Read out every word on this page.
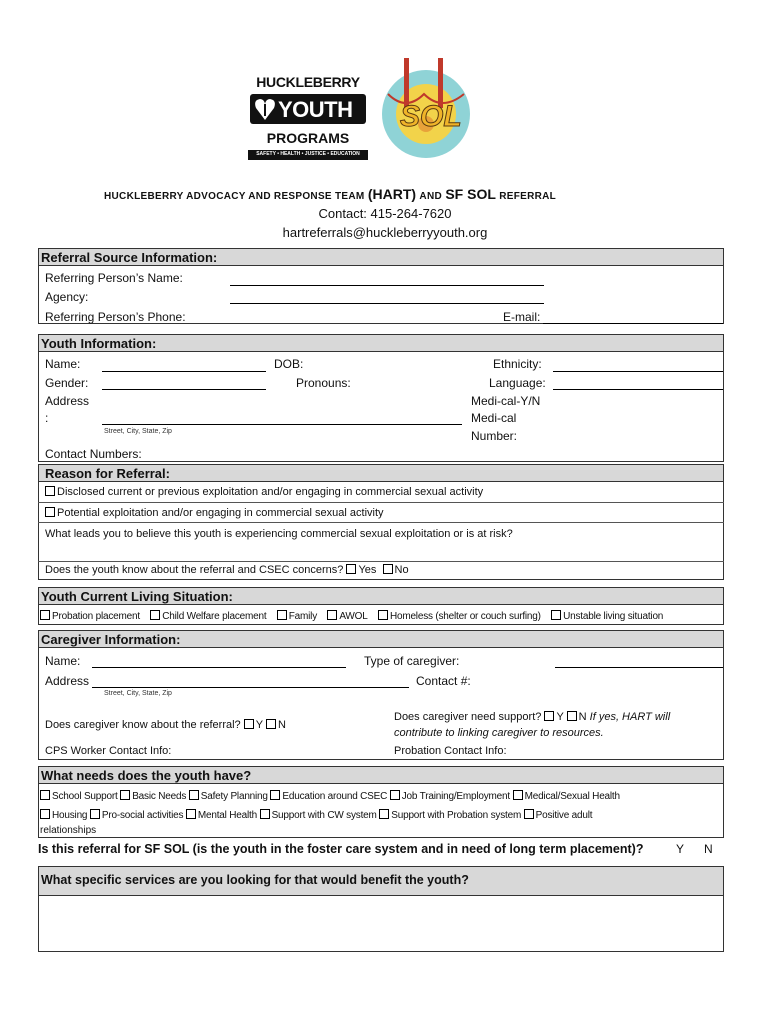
HUCKLEBERRY
YOUTH
PROGRAMS
SAFETY • HEALTH • JUSTICE • EDUCATION
SOL
HUCKLEBERRY ADVOCACY AND RESPONSE TEAM (HART) AND SF SOL REFERRAL
Contact: 415-264-7620
hartreferrals@huckleberryyouth.org
Referral Source Information:
Referring Person’s Name:
Agency:
Referring Person’s Phone:	E-mail:
Youth Information:
Name:	DOB:	Ethnicity:
Gender:	Pronouns:	Language:
Address
:
Street, City, State, Zip
Medi-cal-Y/N
Medi-cal
Number:
Contact Numbers:
Reason for Referral:
Disclosed current or previous exploitation and/or engaging in commercial sexual activity
Potential exploitation and/or engaging in commercial sexual activity
What leads you to believe this youth is experiencing commercial sexual exploitation or is at risk?
Does the youth know about the referral and CSEC concerns? Yes No
Youth Current Living Situation:
Probation placement Child Welfare placement Family AWOL Homeless (shelter or couch surfing) Unstable living situation
Caregiver Information:
Name:	Type of caregiver:
Address
Street, City, State, Zip
Contact #:
Does caregiver know about the referral? Y N
Does caregiver need support? Y N If yes, HART will
contribute to linking caregiver to resources.
CPS Worker Contact Info:	Probation Contact Info:
What needs does the youth have?
School Support Basic Needs Safety Planning Education around CSEC Job Training/Employment Medical/Sexual Health
Housing Pro-social activities Mental Health Support with CW system Support with Probation system Positive adult
relationships
Is this referral for SF SOL (is the youth in the foster care system and in need of long term placement)?	Y N
What specific services are you looking for that would benefit the youth?
